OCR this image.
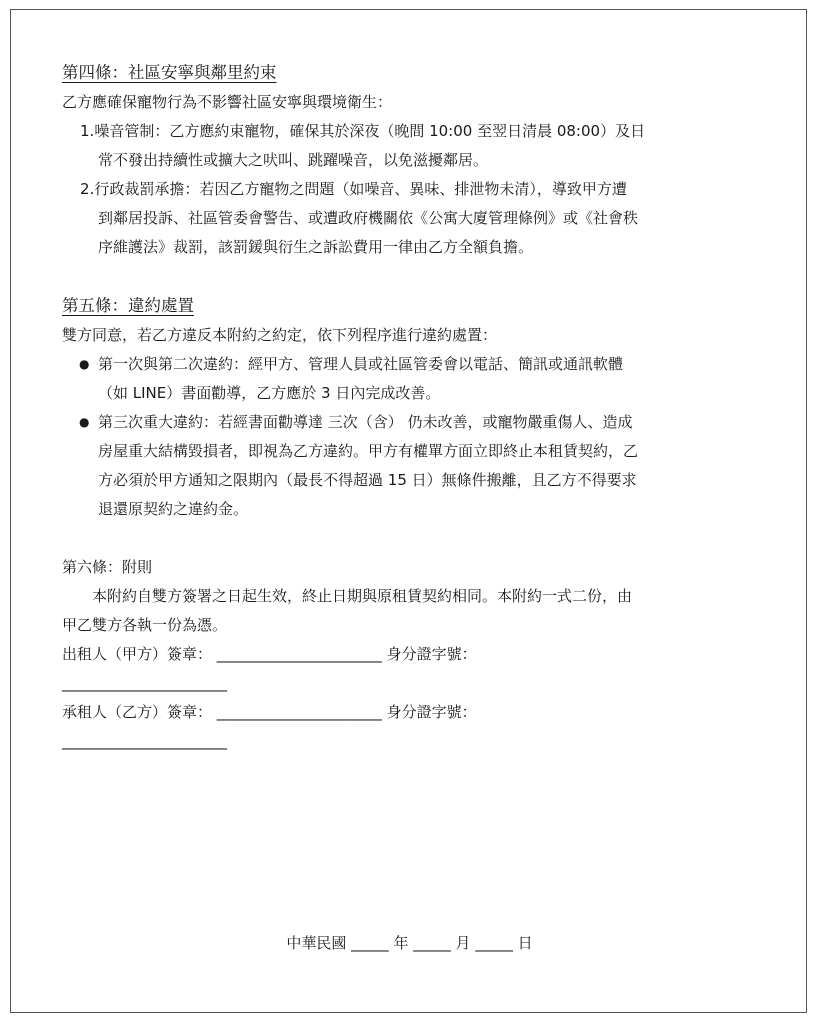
第四條：社區安寧與鄰里約束
乙方應確保寵物行為不影響社區安寧與環境衛生：
1.噪音管制：乙方應約束寵物，確保其於深夜（晚間 10:00 至翌日清晨 08:00）及日
常不發出持續性或擴大之吠叫、跳躍噪音，以免滋擾鄰居。
2.行政裁罰承擔：若因乙方寵物之問題（如噪音、異味、排泄物未清），導致甲方遭
到鄰居投訴、社區管委會警告、或遭政府機關依《公寓大廈管理條例》或《社會秩
序維護法》裁罰，該罰鍰與衍生之訴訟費用一律由乙方全額負擔。
第五條：違約處置
雙方同意，若乙方違反本附約之約定，依下列程序進行違約處置：
● 第一次與第二次違約：經甲方、管理人員或社區管委會以電話、簡訊或通訊軟體
（如 LINE）書面勸導，乙方應於 3 日內完成改善。
● 第三次重大違約：若經書面勸導達 三次（含） 仍未改善，或寵物嚴重傷人、造成
房屋重大結構毀損者，即視為乙方違約。甲方有權單方面立即終止本租賃契約，乙
方必須於甲方通知之限期內（最長不得超過 15 日）無條件搬離，且乙方不得要求
退還原契約之違約金。
第六條：附則
本附約自雙方簽署之日起生效，終止日期與原租賃契約相同。本附約一式二份，由
甲乙雙方各執一份為憑。
出租人（甲方）簽章： ______________________ 身分證字號：
______________________
承租人（乙方）簽章： ______________________ 身分證字號：
______________________
中華民國 _____ 年 _____ 月 _____ 日
